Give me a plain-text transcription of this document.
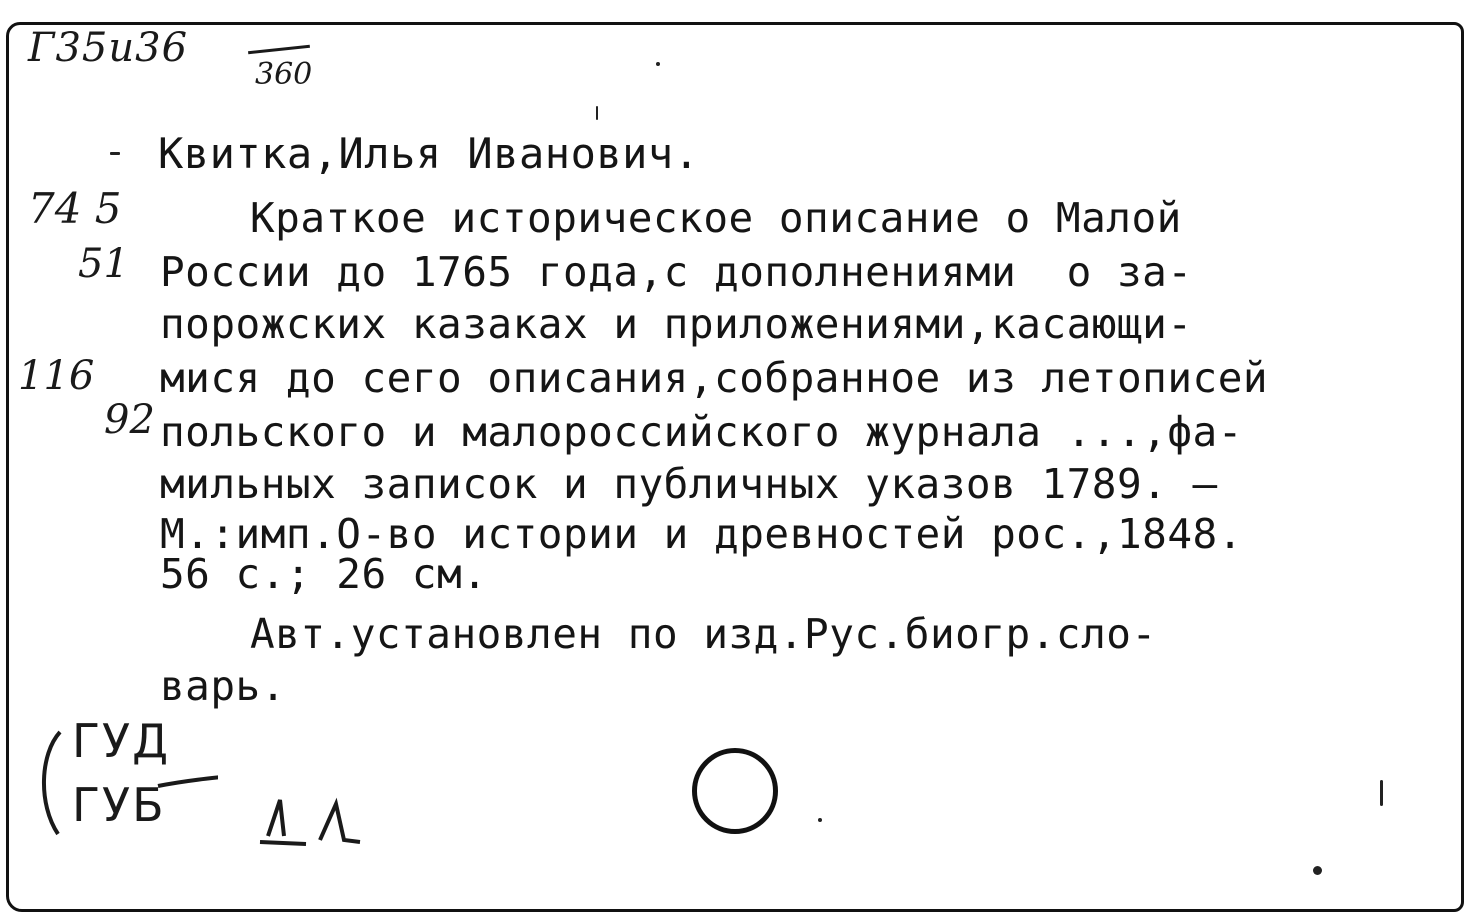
Г35и36
360
74 5
51
116
92
Квитка,Илья Иванович.
Краткое историческое описание о Малой
России до 1765 года,с дополнениями  о за-
порожских казаках и приложениями,касающи-
мися до сего описания,собранное из летописей
польского и малороссийского журнала ...,фа-
мильных записок и публичных указов 1789. —
М.:имп.О-во истории и древностей рос.,1848.
56 с.; 26 см.
Авт.установлен по изд.Рус.биогр.сло-
варь.
ГУД
ГУБ
